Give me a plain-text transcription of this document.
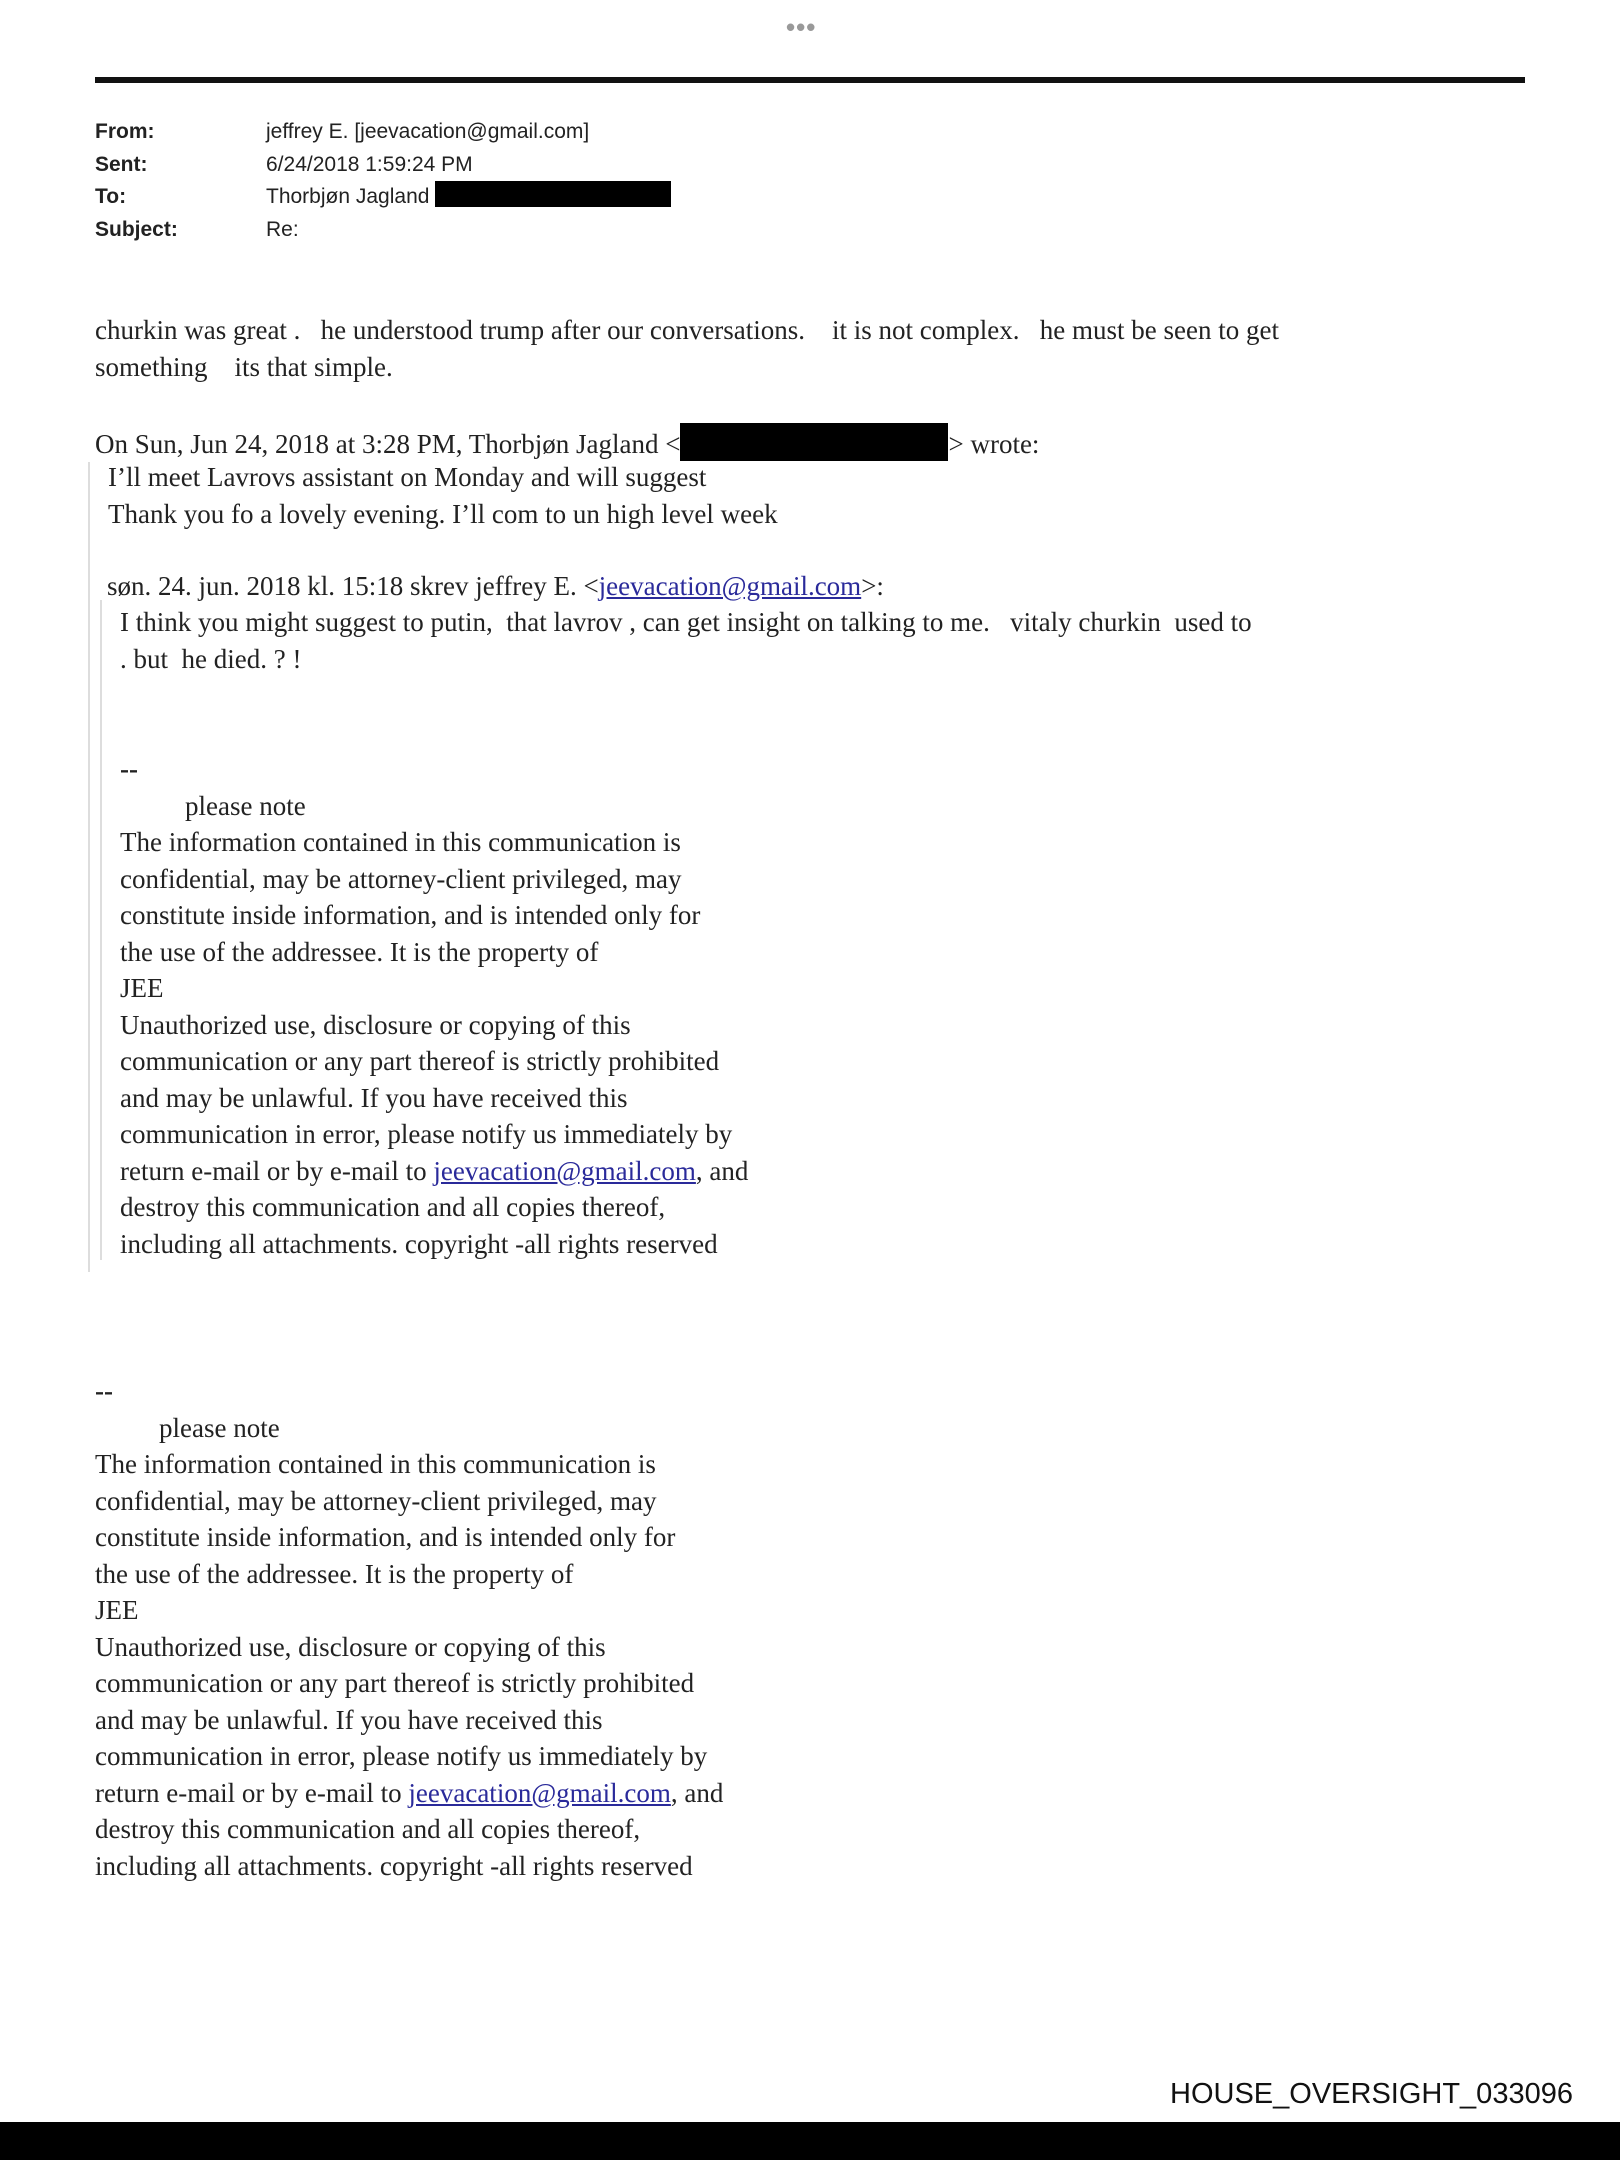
•••
From:	jeffrey E. [jeevacation@gmail.com]
Sent:	6/24/2018 1:59:24 PM
To:	Thorbjøn Jagland

Subject:	Re:
churkin was great .   he understood trump after our conversations.    it is not complex.   he must be seen to get
something    its that simple.
On Sun, Jun 24, 2018 at 3:28 PM, Thorbjøn Jagland <	> wrote:
I’ll meet Lavrovs assistant on Monday and will suggest
Thank you fo a lovely evening. I’ll com to un high level week
søn. 24. jun. 2018 kl. 15:18 skrev jeffrey E. <jeevacation@gmail.com>:
I think you might suggest to putin,  that lavrov , can get insight on talking to me.   vitaly churkin  used to
. but  he died. ? !
--
please note
The information contained in this communication is
confidential, may be attorney-client privileged, may
constitute inside information, and is intended only for
the use of the addressee. It is the property of
JEE
Unauthorized use, disclosure or copying of this
communication or any part thereof is strictly prohibited
and may be unlawful. If you have received this
communication in error, please notify us immediately by
return e-mail or by e-mail to jeevacation@gmail.com, and
destroy this communication and all copies thereof,
including all attachments. copyright -all rights reserved
--
please note
The information contained in this communication is
confidential, may be attorney-client privileged, may
constitute inside information, and is intended only for
the use of the addressee. It is the property of
JEE
Unauthorized use, disclosure or copying of this
communication or any part thereof is strictly prohibited
and may be unlawful. If you have received this
communication in error, please notify us immediately by
return e-mail or by e-mail to jeevacation@gmail.com, and
destroy this communication and all copies thereof,
including all attachments. copyright -all rights reserved
HOUSE_OVERSIGHT_033096
